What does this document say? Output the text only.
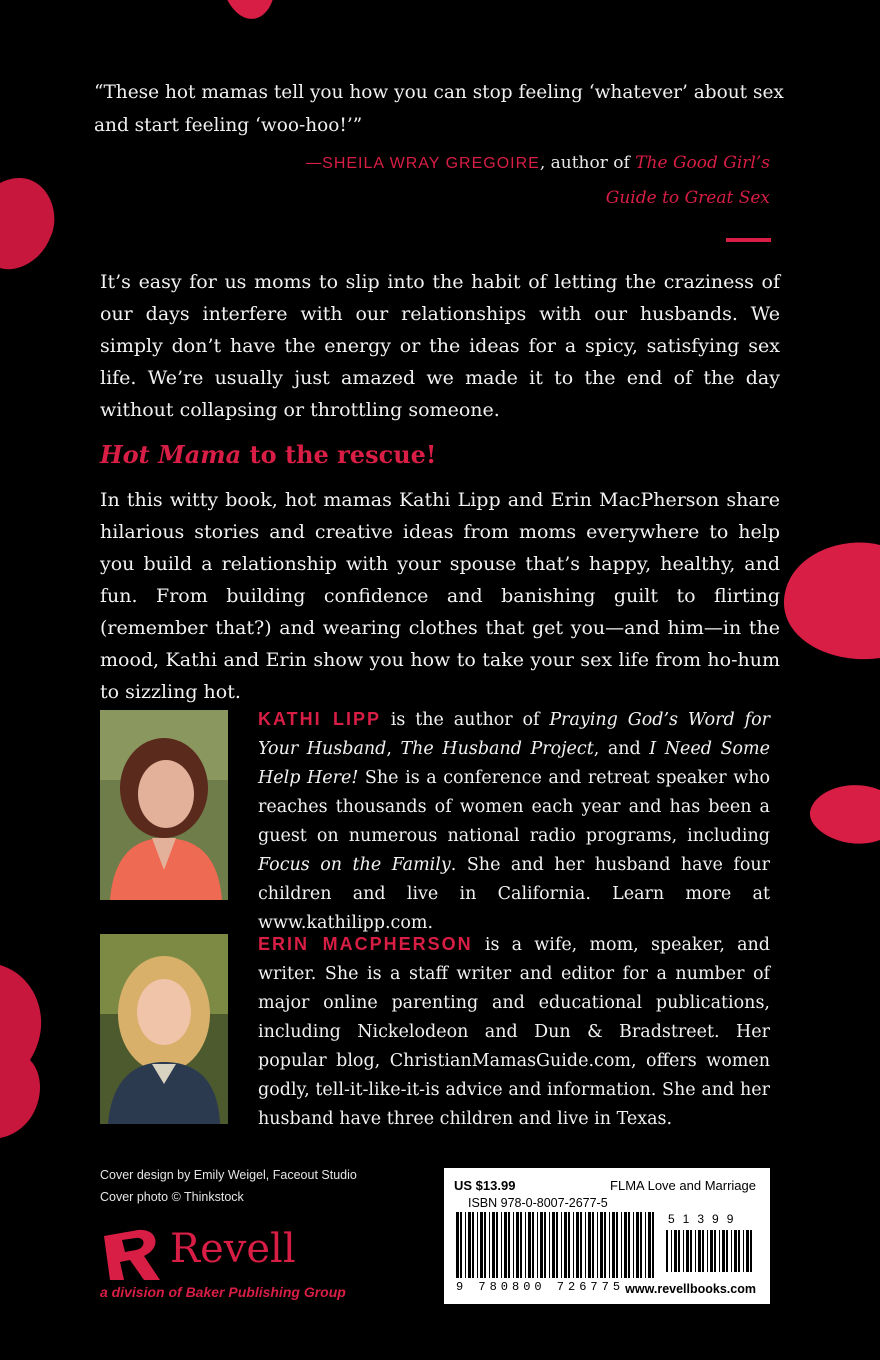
“These hot mamas tell you how you can stop feeling ‘whatever’ about sex and start feeling ‘woo-hoo!’”
—SHEILA WRAY GREGOIRE, author of The Good Girl’s Guide to Great Sex
It’s easy for us moms to slip into the habit of letting the craziness of our days interfere with our relationships with our husbands. We simply don’t have the energy or the ideas for a spicy, satisfying sex life. We’re usually just amazed we made it to the end of the day without collapsing or throttling someone.
Hot Mama to the rescue!
In this witty book, hot mamas Kathi Lipp and Erin MacPherson share hilarious stories and creative ideas from moms everywhere to help you build a relationship with your spouse that’s happy, healthy, and fun. From building confidence and banishing guilt to flirting (remember that?) and wearing clothes that get you—and him—in the mood, Kathi and Erin show you how to take your sex life from ho-hum to sizzling hot.
KATHI LIPP is the author of Praying God’s Word for Your Husband, The Husband Project, and I Need Some Help Here! She is a conference and retreat speaker who reaches thousands of women each year and has been a guest on numerous national radio programs, including Focus on the Family. She and her husband have four children and live in California. Learn more at www.kathilipp.com.
ERIN MACPHERSON is a wife, mom, speaker, and writer. She is a staff writer and editor for a number of major online parenting and educational publications, including Nickelodeon and Dun & Bradstreet. Her popular blog, ChristianMamasGuide.com, offers women godly, tell-it-like-it-is advice and information. She and her husband have three children and live in Texas.
Cover design by Emily Weigel, Faceout Studio
Cover photo © Thinkstock
Revell
a division of Baker Publishing Group
US $13.99	FLMA Love and Marriage
ISBN 978-0-8007-2677-5
9 780800 726775
51399
www.revellbooks.com
